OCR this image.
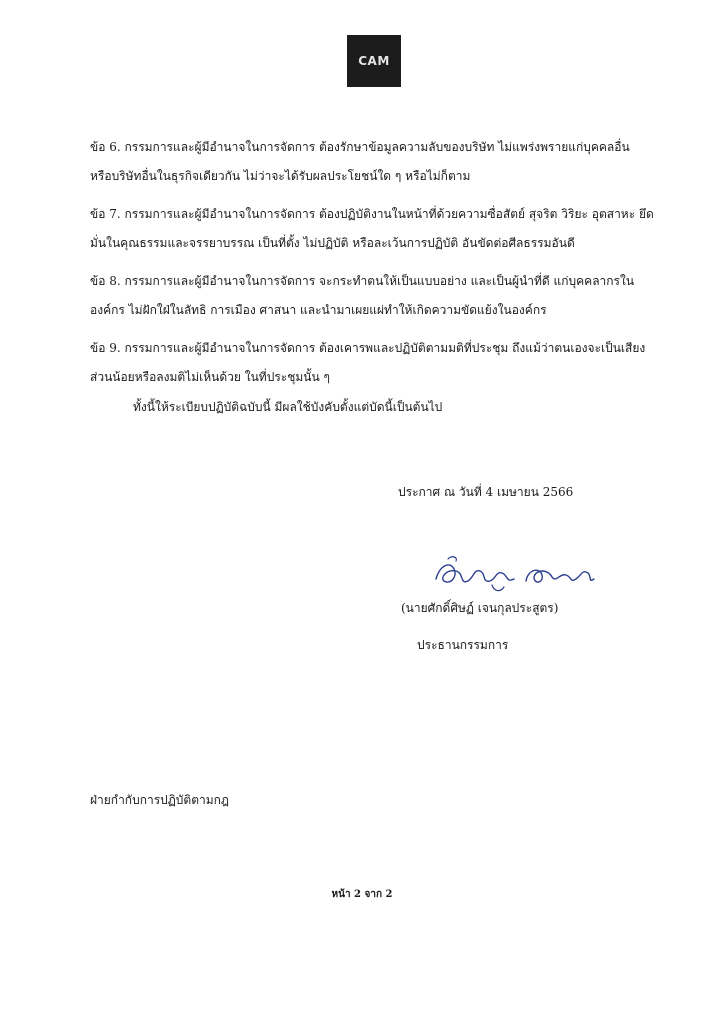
CAM
ข้อ 6. กรรมการและผู้มีอำนาจในการจัดการ ต้องรักษาข้อมูลความลับของบริษัท ไม่แพร่งพรายแก่บุคคลอื่น
หรือบริษัทอื่นในธุรกิจเดียวกัน ไม่ว่าจะได้รับผลประโยชน์ใด ๆ หรือไม่ก็ตาม
ข้อ 7. กรรมการและผู้มีอำนาจในการจัดการ ต้องปฏิบัติงานในหน้าที่ด้วยความซื่อสัตย์ สุจริต วิริยะ อุตสาหะ ยึด
มั่นในคุณธรรมและจรรยาบรรณ เป็นที่ตั้ง ไม่ปฏิบัติ หรือละเว้นการปฏิบัติ อันขัดต่อศีลธรรมอันดี
ข้อ 8. กรรมการและผู้มีอำนาจในการจัดการ จะกระทำตนให้เป็นแบบอย่าง และเป็นผู้นำที่ดี แก่บุคคลากรใน
องค์กร ไม่ฝักใฝ่ในลัทธิ การเมือง ศาสนา และนำมาเผยแผ่ทำให้เกิดความขัดแย้งในองค์กร
ข้อ 9. กรรมการและผู้มีอำนาจในการจัดการ ต้องเคารพและปฏิบัติตามมติที่ประชุม ถึงแม้ว่าตนเองจะเป็นเสียง
ส่วนน้อยหรือลงมติไม่เห็นด้วย ในที่ประชุมนั้น ๆ
ทั้งนี้ให้ระเบียบปฏิบัติฉบับนี้ มีผลใช้บังคับตั้งแต่บัดนี้เป็นต้นไป
ประกาศ ณ วันที่ 4 เมษายน 2566
(นายศักดิ์ศิษฏ์ เจนกุลประสูตร)
ประธานกรรมการ
ฝ่ายกำกับการปฏิบัติตามกฎ
หน้า 2 จาก 2
